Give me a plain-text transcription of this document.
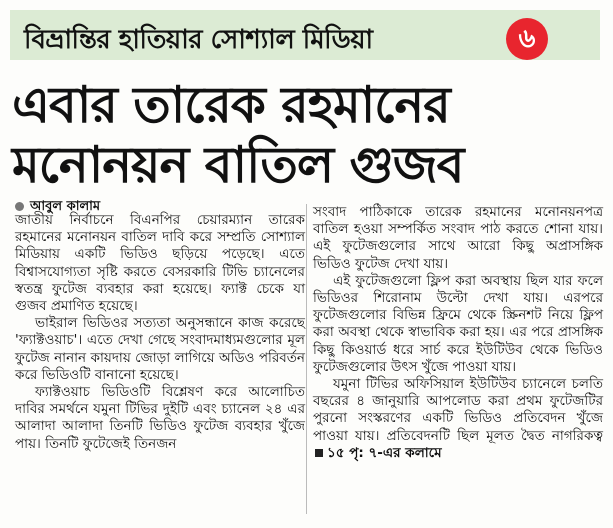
বিভ্রান্তির হাতিয়ার সোশ্যাল মিডিয়া	৬
এবার তারেক রহমানের
মনোনয়ন বাতিল গুজব
আবুল কালাম

জাতীয় নির্বাচনে বিএনপির চেয়ারম্যান তারেক রহমানের মনোনয়ন বাতিল দাবি করে সম্প্রতি সোশ্যাল মিডিয়ায় একটি ভিডিও ছড়িয়ে পড়েছে। এতে বিশ্বাসযোগ্যতা সৃষ্টি করতে বেসরকারি টিভি চ্যানেলের স্বতন্ত্র ফুটেজ ব্যবহার করা হয়েছে। ফ্যাক্ট চেকে যা গুজব প্রমাণিত হয়েছে।

ভাইরাল ভিডিওর সত্যতা অনুসন্ধানে কাজ করেছে 'ফ্যাক্টওয়াচ'। এতে দেখা গেছে সংবাদমাধ্যমগুলোর মূল ফুটেজ নানান কায়দায় জোড়া লাগিয়ে অডিও পরিবর্তন করে ভিডিওটি বানানো হয়েছে।

ফ্যাক্টওয়াচ ভিডিওটি বিশ্লেষণ করে আলোচিত দাবির সমর্থনে যমুনা টিভির দুইটি এবং চ্যানেল ২৪ এর আলাদা আলাদা তিনটি ভিডিও ফুটেজ ব্যবহার খুঁজে পায়। তিনটি ফুটেজেই তিনজন

সংবাদ পাঠিকাকে তারেক রহমানের মনোনয়নপত্র বাতিল হওয়া সম্পর্কিত সংবাদ পাঠ করতে শোনা যায়। এই ফুটেজগুলোর সাথে আরো কিছু অপ্রাসঙ্গিক ভিডিও ফুটেজ দেখা যায়।

এই ফুটেজগুলো ফ্লিপ করা অবস্থায় ছিল যার ফলে ভিডিওর শিরোনাম উল্টো দেখা যায়। এরপরে ফুটেজগুলোর বিভিন্ন ফ্রিমে থেকে স্ক্রিনশট নিয়ে ফ্লিপ করা অবস্থা থেকে স্বাভাবিক করা হয়। এর পরে প্রাসঙ্গিক কিছু কিওয়ার্ড ধরে সার্চ করে ইউটিউব থেকে ভিডিও ফুটেজগুলোর উৎস খুঁজে পাওয়া যায়।

যমুনা টিভির অফিসিয়াল ইউটিউব চ্যানেলে চলতি বছরের ৪ জানুয়ারি আপলোড করা প্রথম ফুটেজটির পুরনো সংস্করণের একটি ভিডিও প্রতিবেদন খুঁজে পাওয়া যায়। প্রতিবেদনটি ছিল মূলত দ্বৈত নাগরিকত্ব ১৫ পৃ: ৭-এর কলামে
